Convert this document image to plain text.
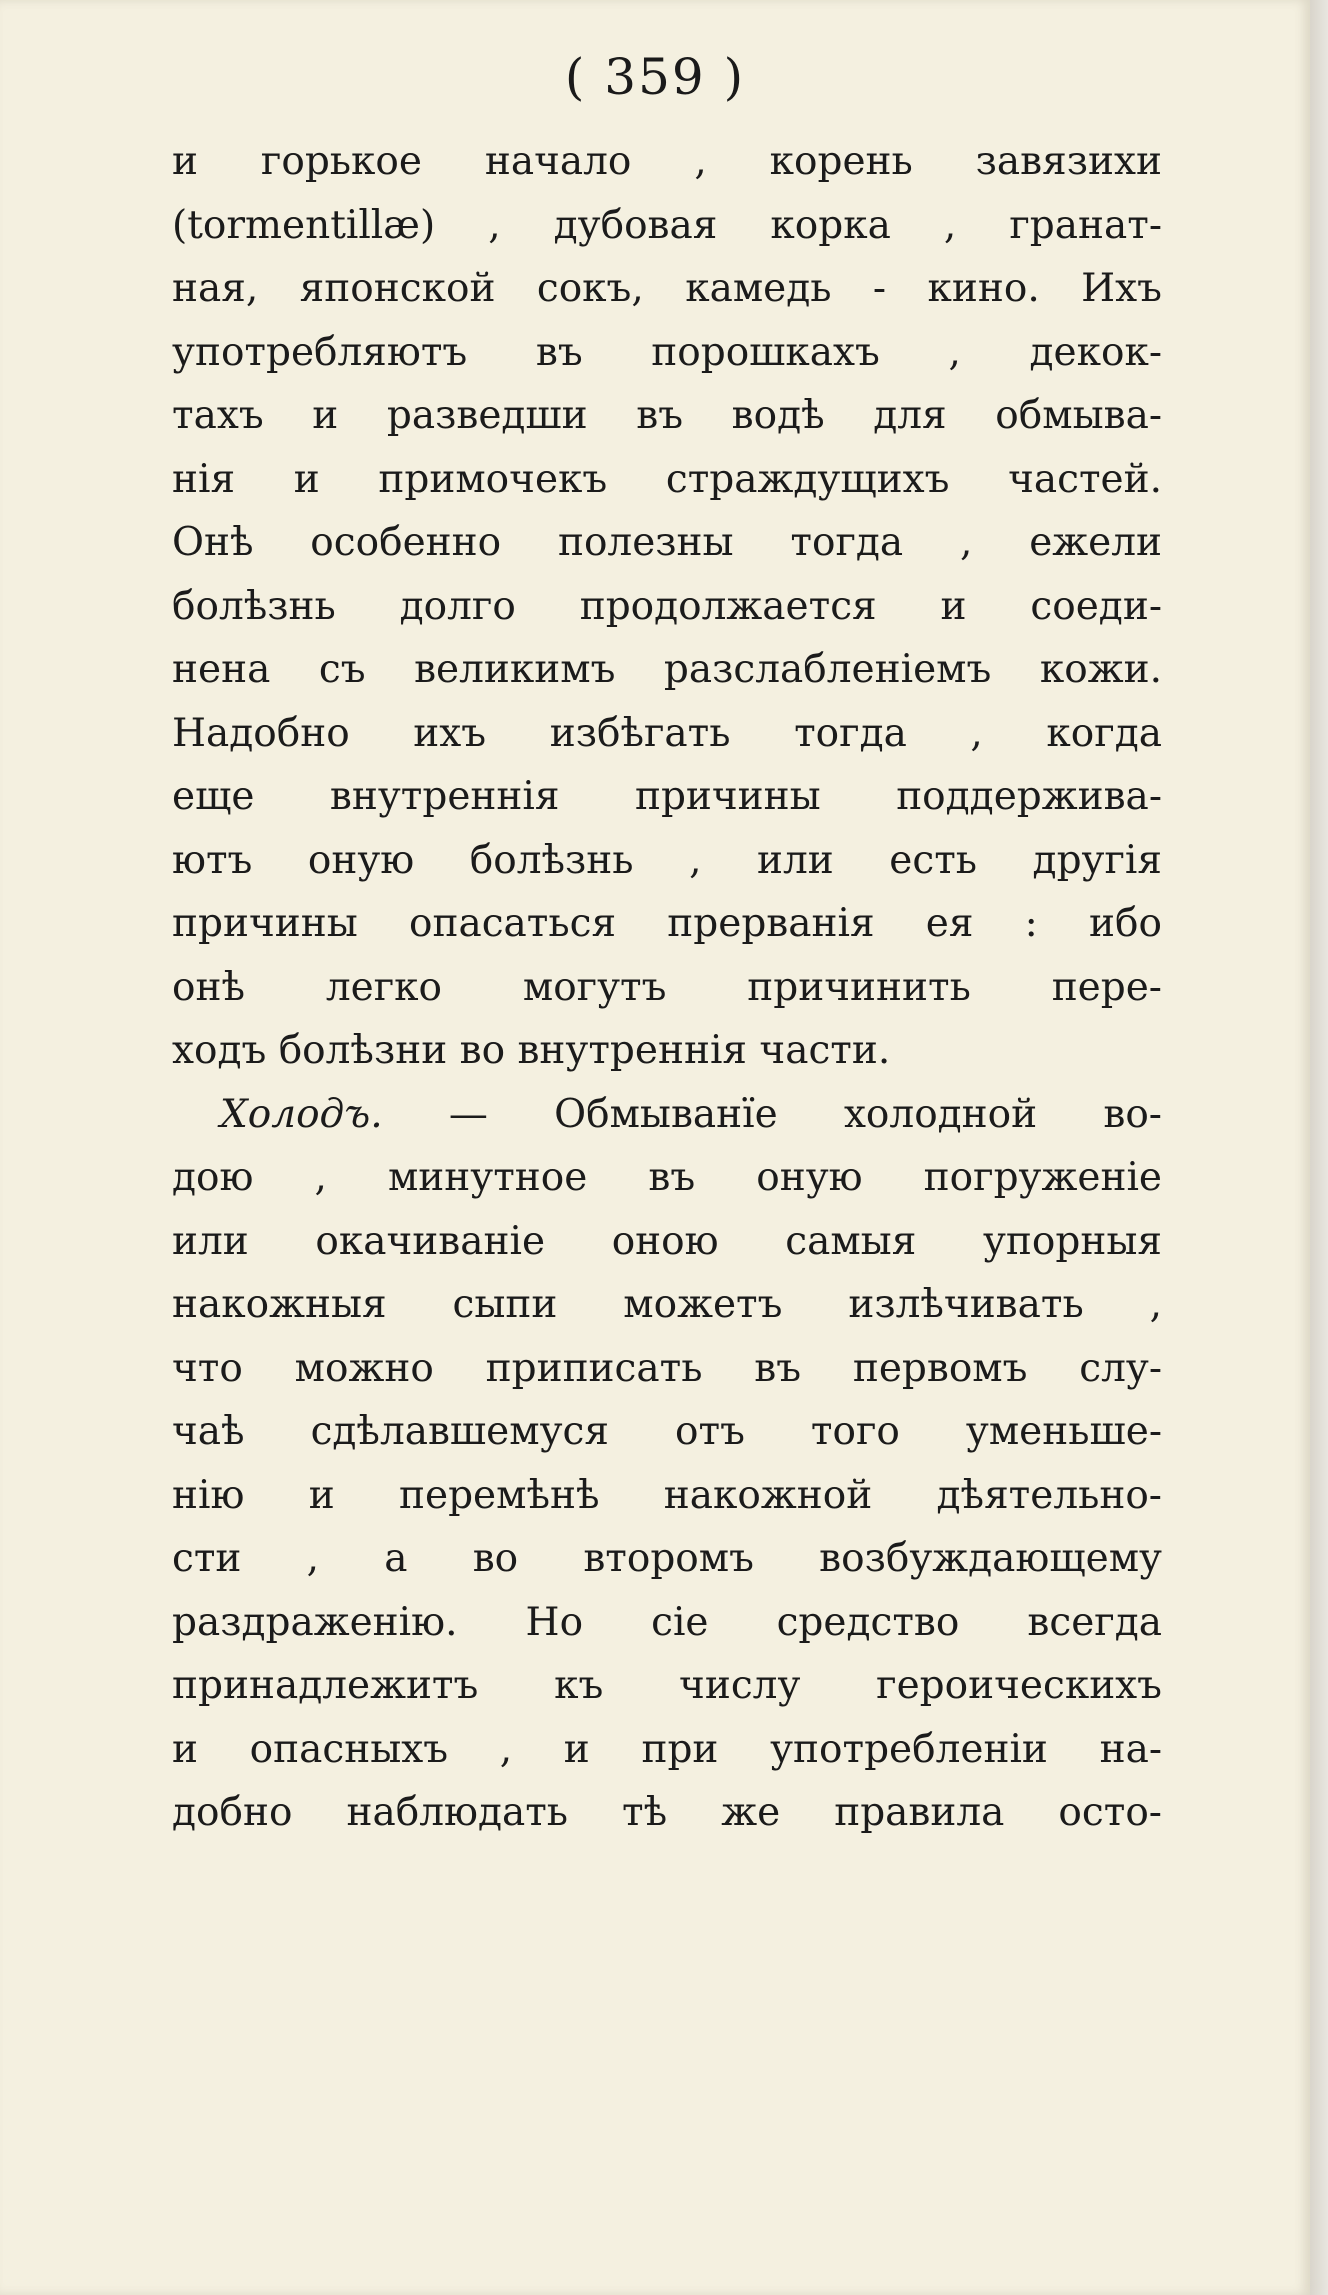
( 359 )
и горькое начало , корень завязихи
(tormentillæ) , дубовая корка , гранат-
ная, японской сокъ, камедь - кино. Ихъ
употребляютъ въ порошкахъ , декок-
тахъ и разведши въ водѣ для обмыва-
нія и примочекъ страждущихъ частей.
Онѣ особенно полезны тогда , ежели
болѣзнь долго продолжается и соеди-
нена съ великимъ разслабленіемъ кожи.
Надобно ихъ избѣгать тогда , когда
еще внутреннія причины поддержива-
ютъ оную болѣзнь , или есть другія
причины опасаться прерванія ея : ибо
онѣ легко могутъ причинить пере-
ходъ болѣзни во внутреннія части.
Холодъ. — Обмыванїе холодной во-
дою , минутное въ оную погруженіе
или окачиваніе оною самыя упорныя
накожныя сыпи можетъ излѣчивать ,
что можно приписать въ первомъ слу-
чаѣ сдѣлавшемуся отъ того уменьше-
нію и перемѣнѣ накожной дѣятельно-
сти , а во второмъ возбуждающему
раздраженію. Но сіе средство всегда
принадлежитъ къ числу героическихъ
и опасныхъ , и при употребленіи на-
добно наблюдать тѣ же правила осто-
